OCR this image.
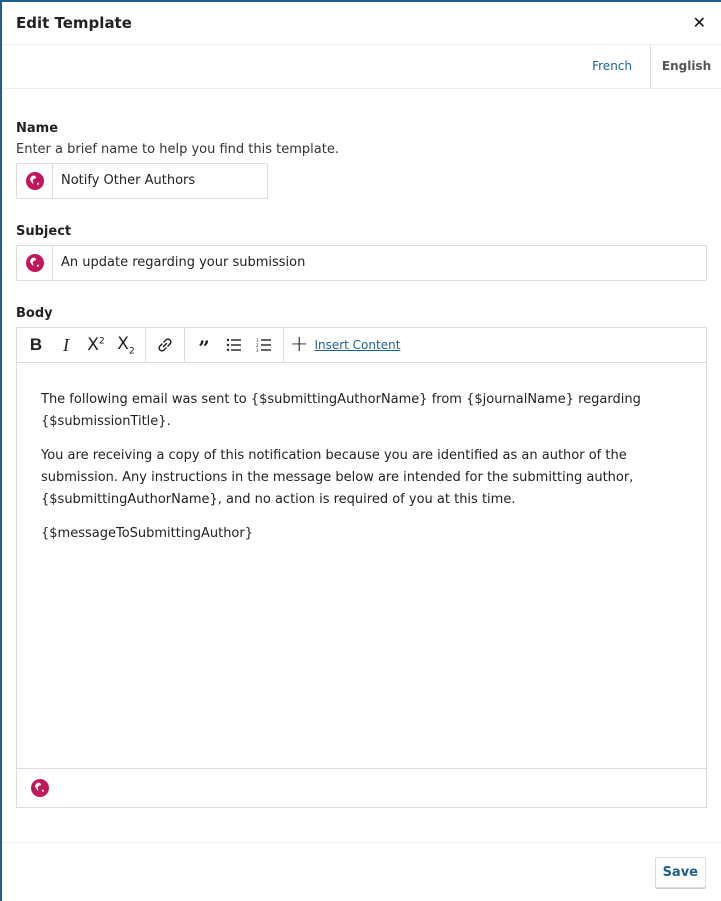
Edit Template	✕
French	English
Name
Enter a brief name to help you find this template.
Notify Other Authors
Subject
An update regarding your submission
Body
B I $X^2$ $X_2$	”	1
2
3 + Insert Content

The following email was sent to {$submittingAuthorName} from {$journalName} regarding {$submissionTitle}.

You are receiving a copy of this notification because you are identified as an author of the submission. Any instructions in the message below are intended for the submitting author, {$submittingAuthorName}, and no action is required of you at this time.

{$messageToSubmittingAuthor}

Save
